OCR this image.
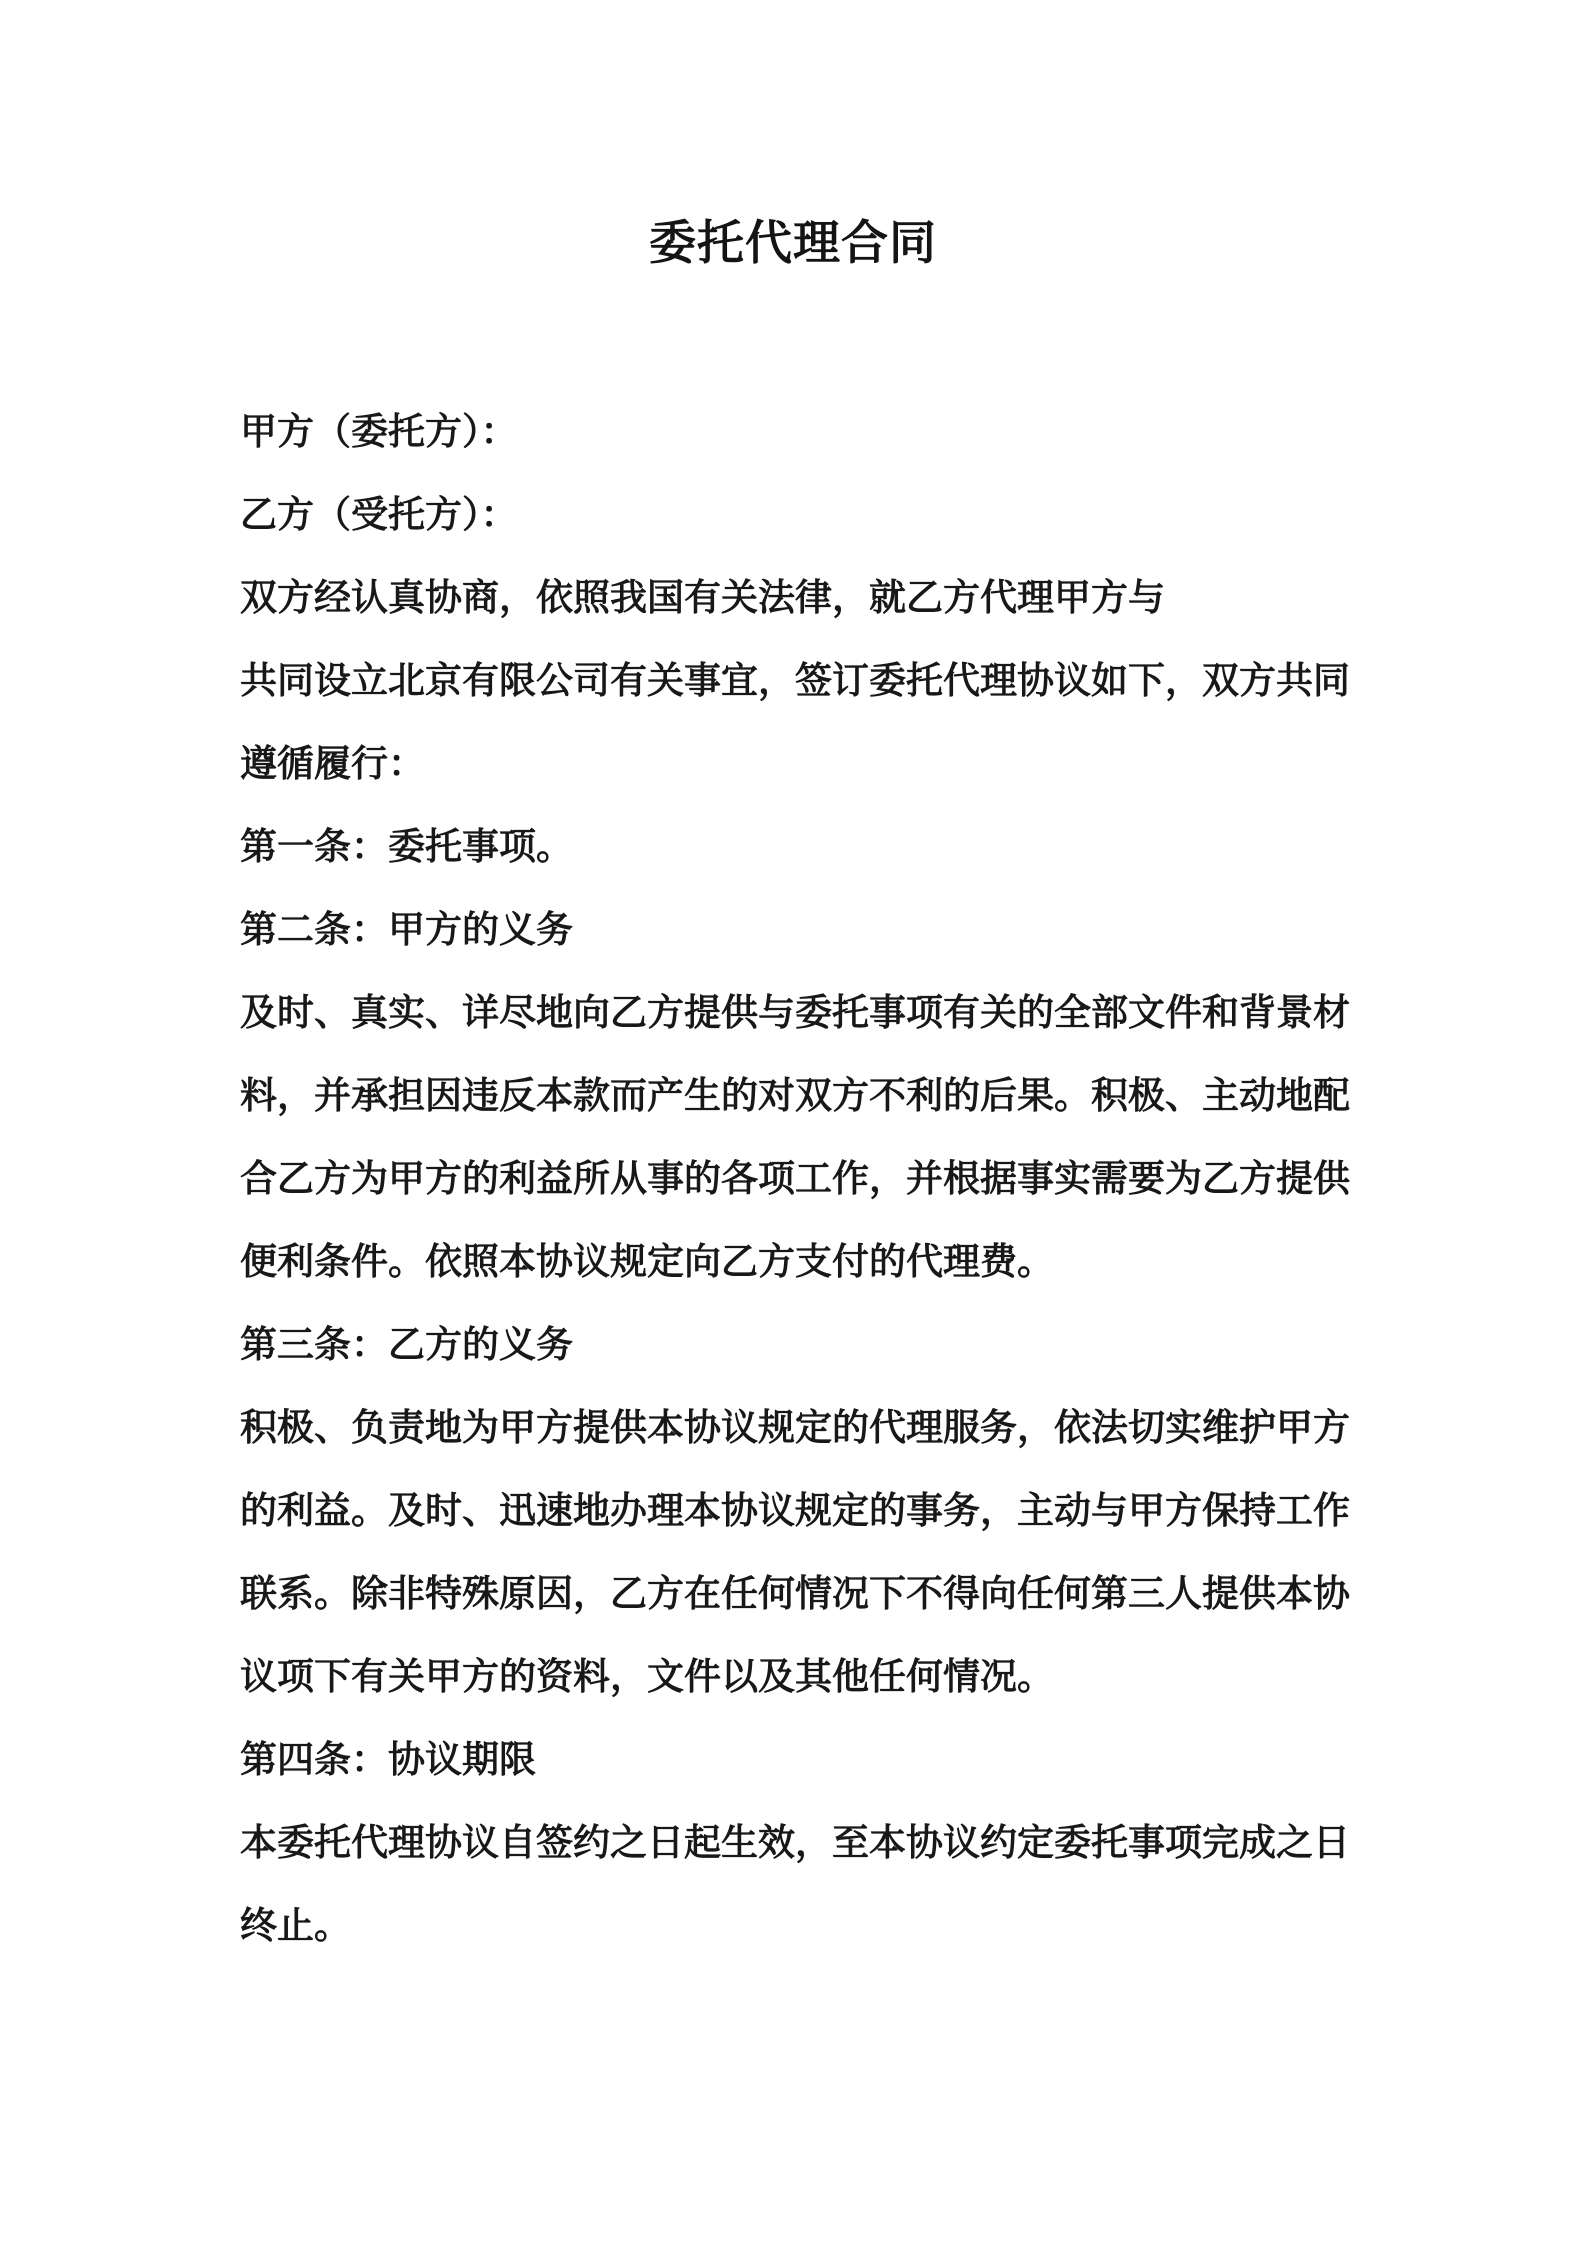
委托代理合同

甲方（委托方）：

乙方（受托方）：

双方经认真协商，依照我国有关法律，就乙方代理甲方与

共同设立北京有限公司有关事宜，签订委托代理协议如下，双方共同

遵循履行：

第一条：委托事项。

第二条：甲方的义务

及时、真实、详尽地向乙方提供与委托事项有关的全部文件和背景材

料，并承担因违反本款而产生的对双方不利的后果。积极、主动地配

合乙方为甲方的利益所从事的各项工作，并根据事实需要为乙方提供

便利条件。依照本协议规定向乙方支付的代理费。

第三条：乙方的义务

积极、负责地为甲方提供本协议规定的代理服务，依法切实维护甲方

的利益。及时、迅速地办理本协议规定的事务，主动与甲方保持工作

联系。除非特殊原因，乙方在任何情况下不得向任何第三人提供本协

议项下有关甲方的资料，文件以及其他任何情况。

第四条：协议期限

本委托代理协议自签约之日起生效，至本协议约定委托事项完成之日

终止。
